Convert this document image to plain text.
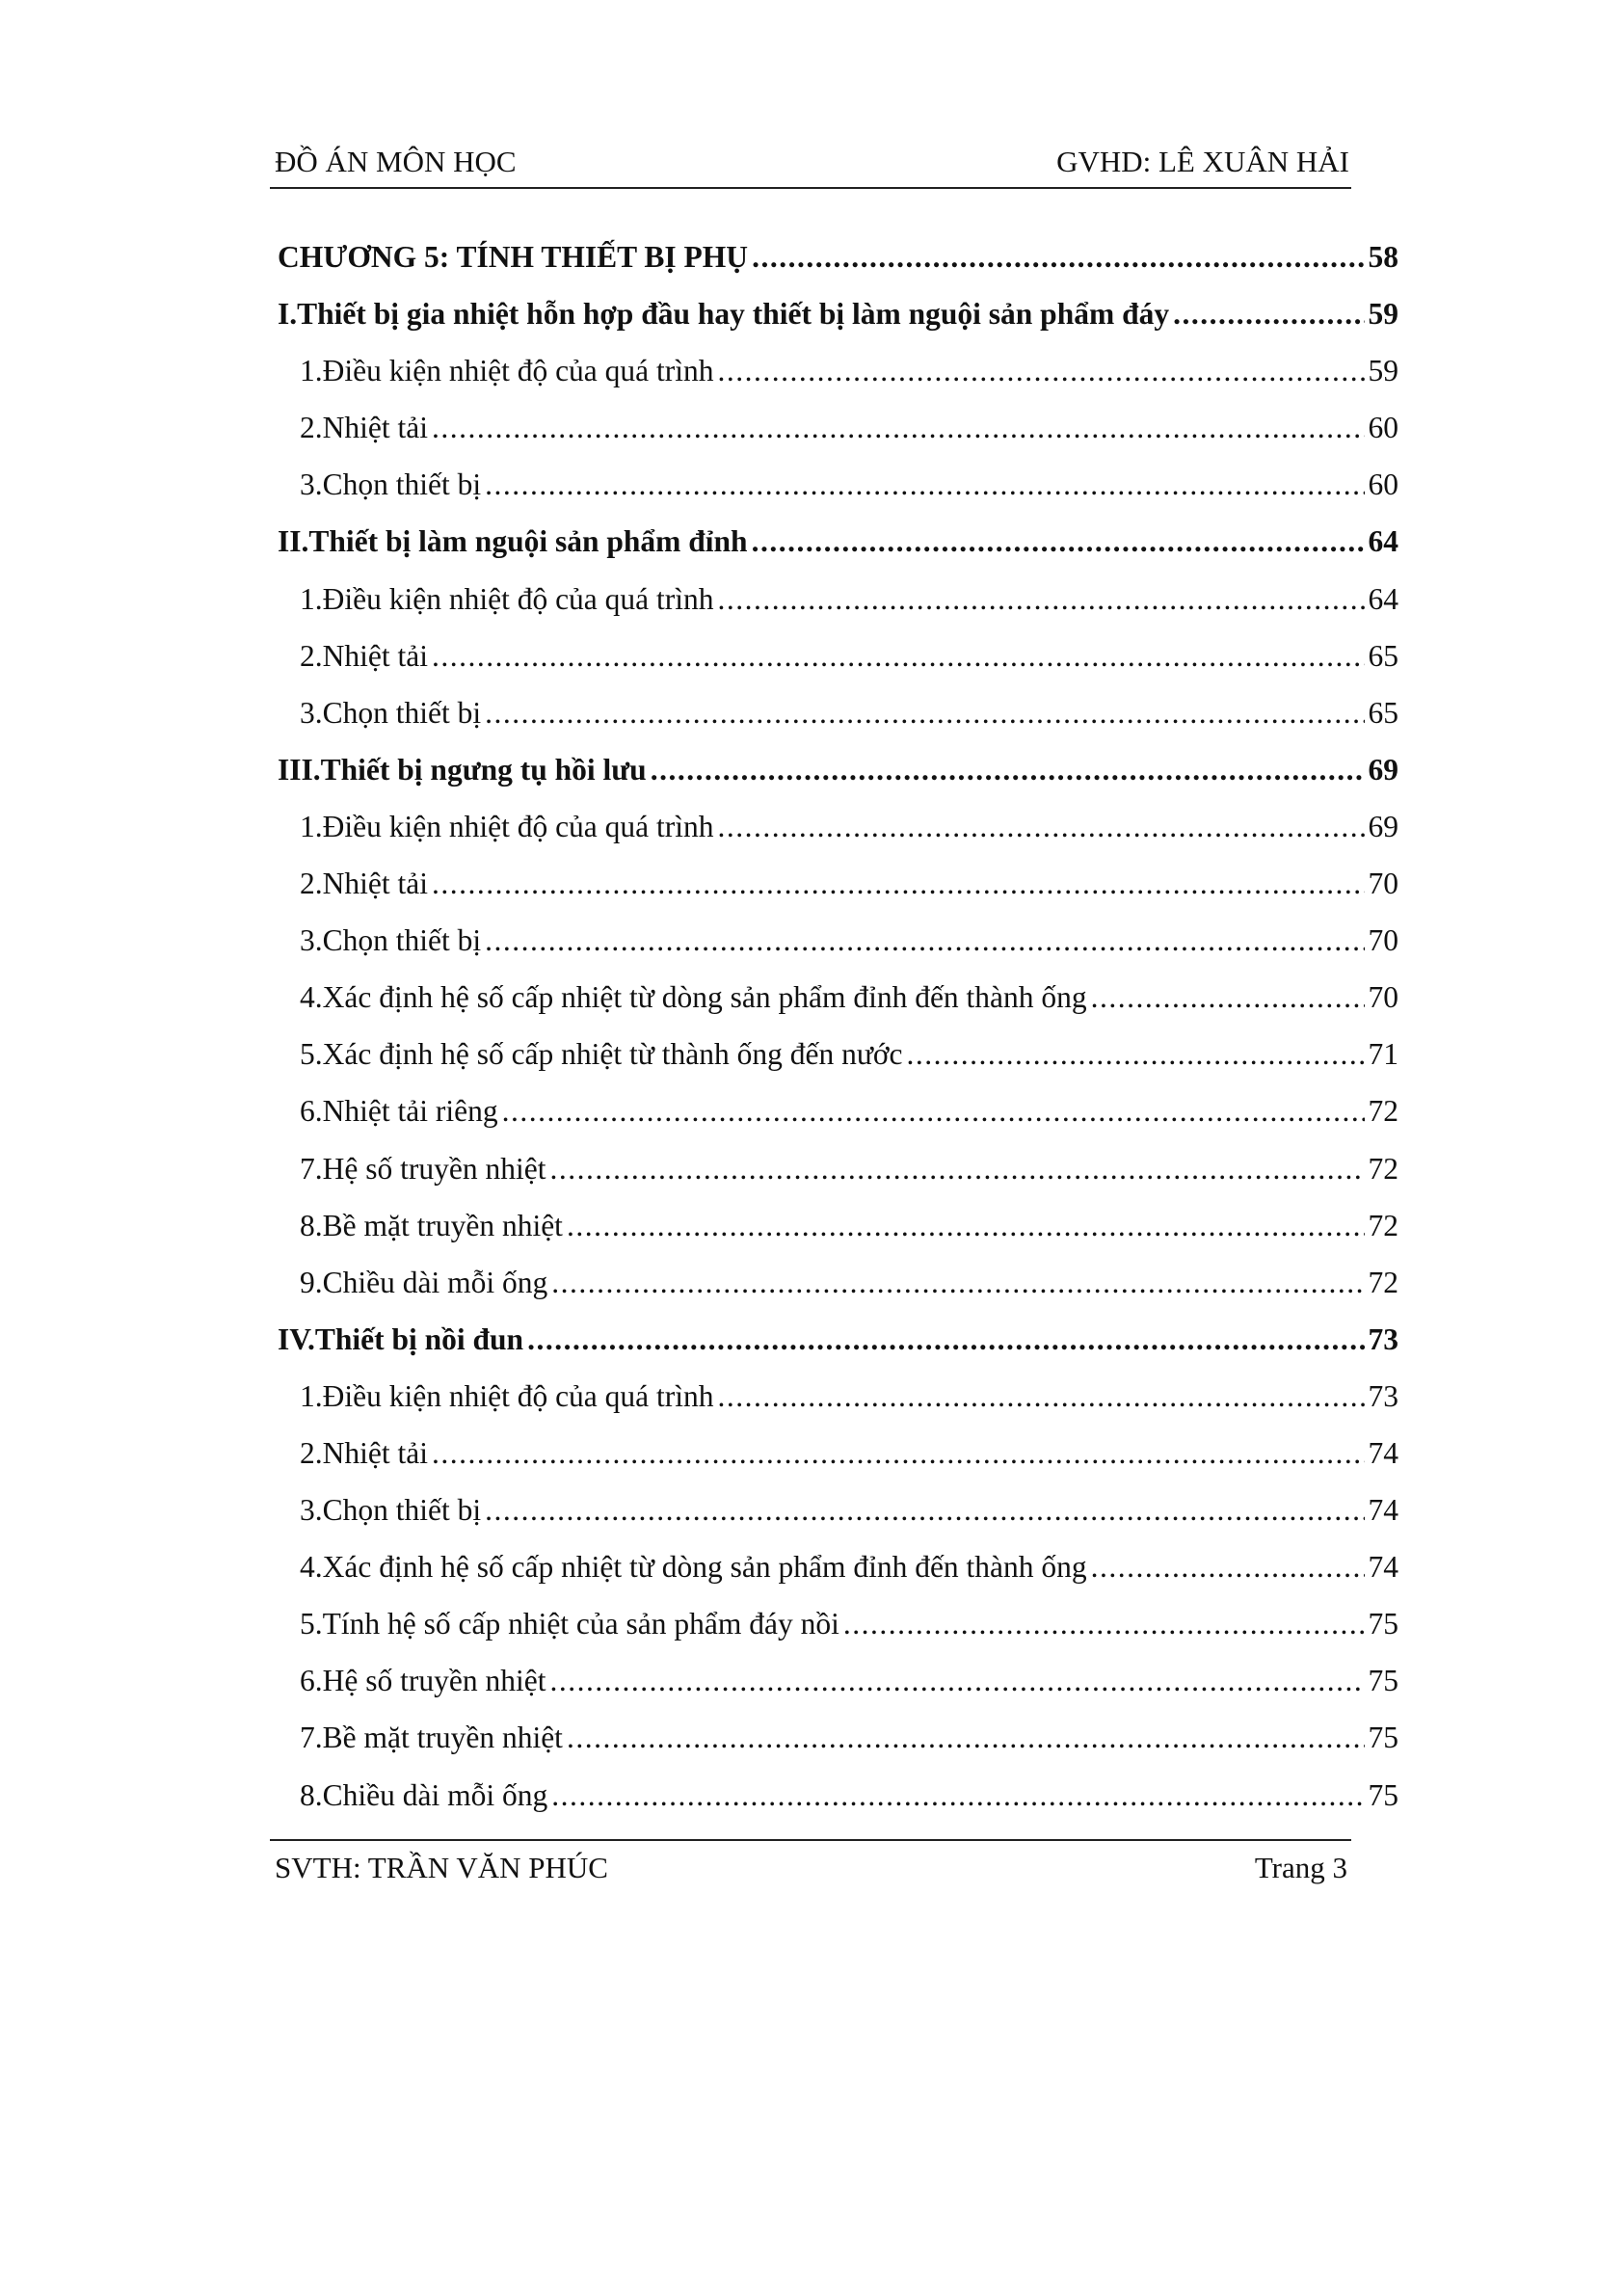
ĐỒ ÁN MÔN HỌC	GVHD: LÊ XUÂN HẢI
CHƯƠNG 5: TÍNH THIẾT BỊ PHỤ .....	58
I. Thiết bị gia nhiệt hỗn hợp đầu hay thiết bị làm nguội sản phẩm đáy .....	59
1. Điều kiện nhiệt độ của quá trình .....	59
2. Nhiệt tải .....	60
3. Chọn thiết bị .....	60
II. Thiết bị làm nguội sản phẩm đỉnh .....	64
1. Điều kiện nhiệt độ của quá trình .....	64
2. Nhiệt tải .....	65
3. Chọn thiết bị .....	65
III. Thiết bị ngưng tụ hồi lưu .....	69
1. Điều kiện nhiệt độ của quá trình .....	69
2. Nhiệt tải .....	70
3. Chọn thiết bị .....	70
4. Xác định hệ số cấp nhiệt từ dòng sản phẩm đỉnh đến thành ống .....	70
5. Xác định hệ số cấp nhiệt từ thành ống đến nước .....	71
6. Nhiệt tải riêng .....	72
7. Hệ số truyền nhiệt .....	72
8. Bề mặt truyền nhiệt .....	72
9. Chiều dài mỗi ống .....	72
IV. Thiết bị nồi đun .....	73
1. Điều kiện nhiệt độ của quá trình .....	73
2. Nhiệt tải .....	74
3. Chọn thiết bị .....	74
4. Xác định hệ số cấp nhiệt từ dòng sản phẩm đỉnh đến thành ống .....	74
5. Tính hệ số cấp nhiệt của sản phẩm đáy nồi .....	75
6. Hệ số truyền nhiệt .....	75
7. Bề mặt truyền nhiệt .....	75
8. Chiều dài mỗi ống .....	75
SVTH: TRẦN VĂN PHÚC	Trang 3
